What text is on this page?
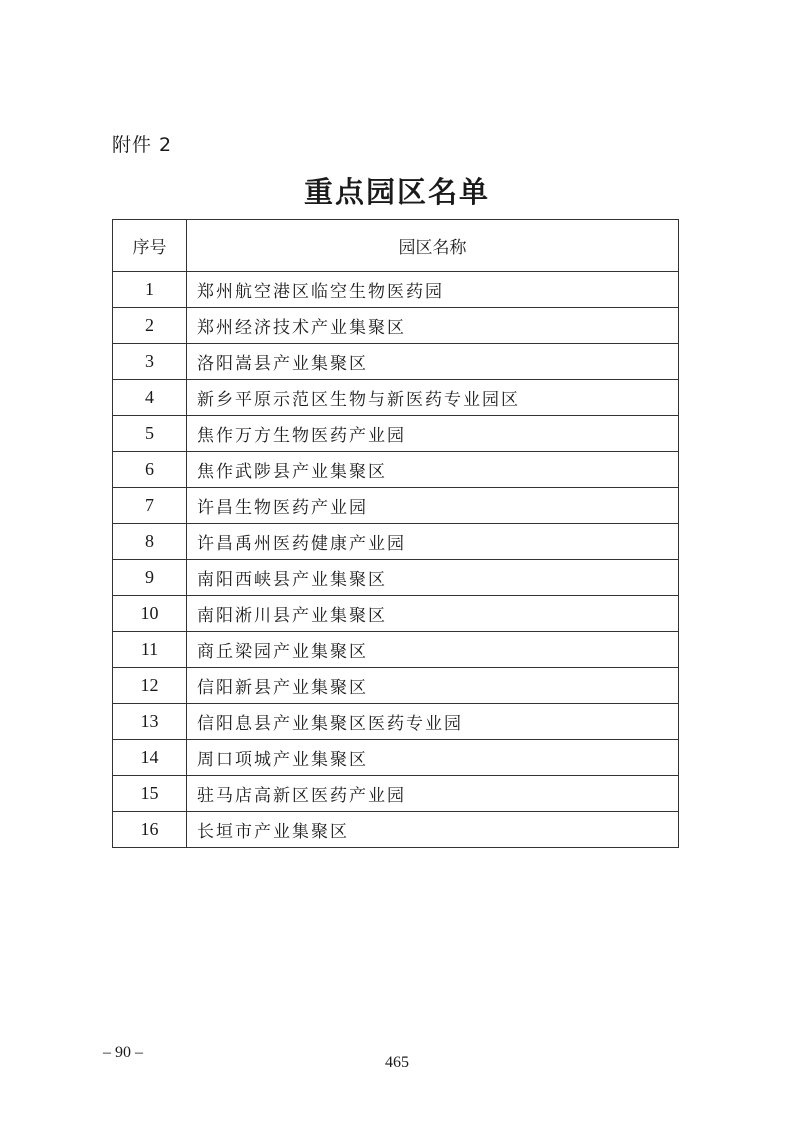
附件 2
重点园区名单
序号	园区名称
1	郑州航空港区临空生物医药园
2	郑州经济技术产业集聚区
3	洛阳嵩县产业集聚区
4	新乡平原示范区生物与新医药专业园区
5	焦作万方生物医药产业园
6	焦作武陟县产业集聚区
7	许昌生物医药产业园
8	许昌禹州医药健康产业园
9	南阳西峡县产业集聚区
10	南阳淅川县产业集聚区
11	商丘梁园产业集聚区
12	信阳新县产业集聚区
13	信阳息县产业集聚区医药专业园
14	周口项城产业集聚区
15	驻马店高新区医药产业园
16	长垣市产业集聚区
– 90 –
465
